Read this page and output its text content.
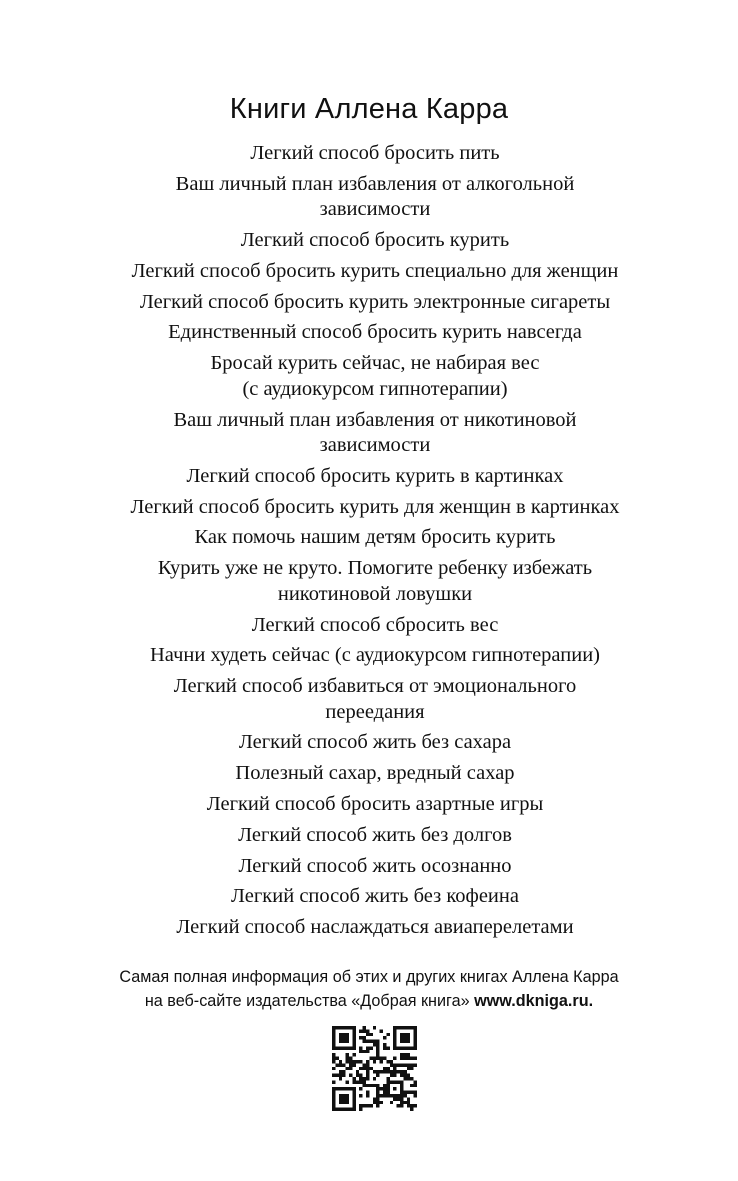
Книги Аллена Карра
Легкий способ бросить пить
Ваш личный план избавления от алкогольной
зависимости
Легкий способ бросить курить
Легкий способ бросить курить специально для женщин
Легкий способ бросить курить электронные сигареты
Единственный способ бросить курить навсегда
Бросай курить сейчас, не набирая вес
(с аудиокурсом гипнотерапии)
Ваш личный план избавления от никотиновой
зависимости
Легкий способ бросить курить в картинках
Легкий способ бросить курить для женщин в картинках
Как помочь нашим детям бросить курить
Курить уже не круто. Помогите ребенку избежать
никотиновой ловушки
Легкий способ сбросить вес
Начни худеть сейчас (с аудиокурсом гипнотерапии)
Легкий способ избавиться от эмоционального
переедания
Легкий способ жить без сахара
Полезный сахар, вредный сахар
Легкий способ бросить азартные игры
Легкий способ жить без долгов
Легкий способ жить осознанно
Легкий способ жить без кофеина
Легкий способ наслаждаться авиаперелетами
Самая полная информация об этих и других книгах Аллена Карра
на веб-сайте издательства «Добрая книга» www.dkniga.ru.
